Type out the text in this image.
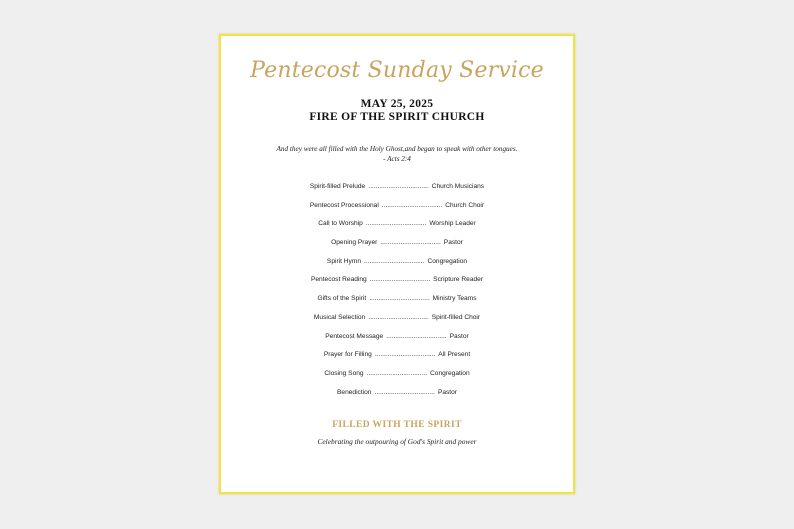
Pentecost Sunday Service
MAY 25, 2025
FIRE OF THE SPIRIT CHURCH
And they were all filled with the Holy Ghost,and began to speak with other tongues.
- Acts 2:4
Spirit-filled Prelude ................................. Church Musicians
Pentecost Processional ................................. Church Choir
Call to Worship ................................. Worship Leader
Opening Prayer ................................. Pastor
Spirit Hymn ................................. Congregation
Pentecost Reading ................................. Scripture Reader
Gifts of the Spirit ................................. Ministry Teams
Musical Selection ................................. Spirit-filled Choir
Pentecost Message ................................. Pastor
Prayer for Filling ................................. All Present
Closing Song ................................. Congregation
Benediction ................................. Pastor
FILLED WITH THE SPIRIT
Celebrating the outpouring of God's Spirit and power
